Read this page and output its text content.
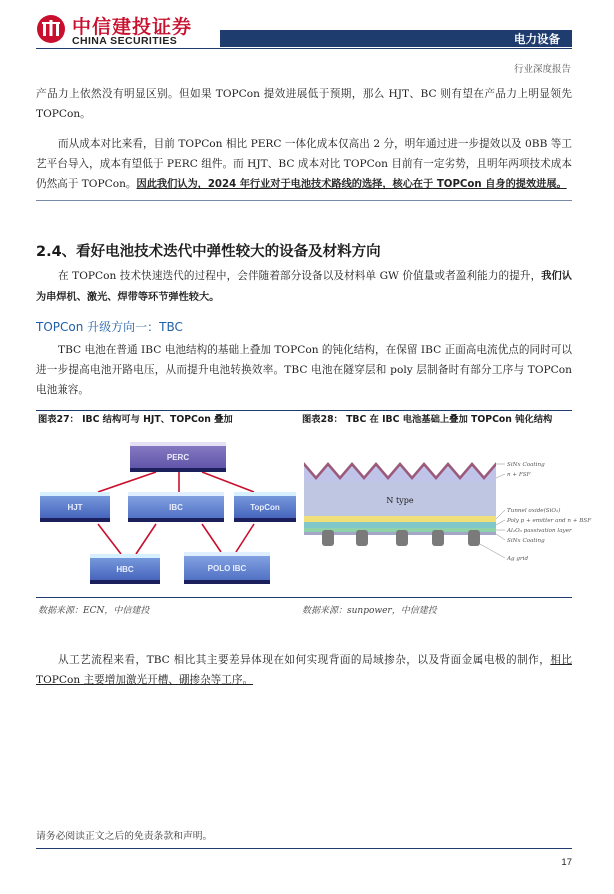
中信建投证券
CHINA SECURITIES	电力设备
行业深度报告

产品力上依然没有明显区别。但如果 TOPCon 提效进展低于预期，那么 HJT、BC 则有望在产品力上明显领先 TOPCon。

而从成本对比来看，目前 TOPCon 相比 PERC 一体化成本仅高出 2 分，明年通过进一步提效以及 0BB 等工艺平台导入，成本有望低于 PERC 组件。而 HJT、BC 成本对比 TOPCon 目前有一定劣势，且明年两项技术成本仍然高于 TOPCon。因此我们认为，2024 年行业对于电池技术路线的选择，核心在于 TOPCon 自身的提效进展。

2.4、看好电池技术迭代中弹性较大的设备及材料方向

在 TOPCon 技术快速迭代的过程中，会伴随着部分设备以及材料单 GW 价值量或者盈利能力的提升，我们认为串焊机、激光、焊带等环节弹性较大。

TOPCon 升级方向一：TBC

TBC 电池在普通 IBC 电池结构的基础上叠加 TOPCon 的钝化结构，在保留 IBC 正面高电流优点的同时可以进一步提高电池开路电压，从而提升电池转换效率。TBC 电池在隧穿层和 poly 层制备时有部分工序与 TOPCon 电池兼容。

图表27： IBC 结构可与 HJT、TOPCon 叠加	图表28： TBC 在 IBC 电池基础上叠加 TOPCon 钝化结构
PERC
HJT	IBC	TopCon
HBC	POLO IBC
N type
SiNx Coating
n + FSF
Tunnel oxide(SiO₂)
Poly p + emitter and n + BSF
Al₂O₃ passivation layer
SiNx Coating
Ag grid
数据来源：ECN，中信建投	数据来源：sunpower，中信建投

从工艺流程来看，TBC 相比其主要差异体现在如何实现背面的局域掺杂，以及背面金属电极的制作，相比 TOPCon 主要增加激光开槽、硼掺杂等工序。

请务必阅读正文之后的免责条款和声明。
17
